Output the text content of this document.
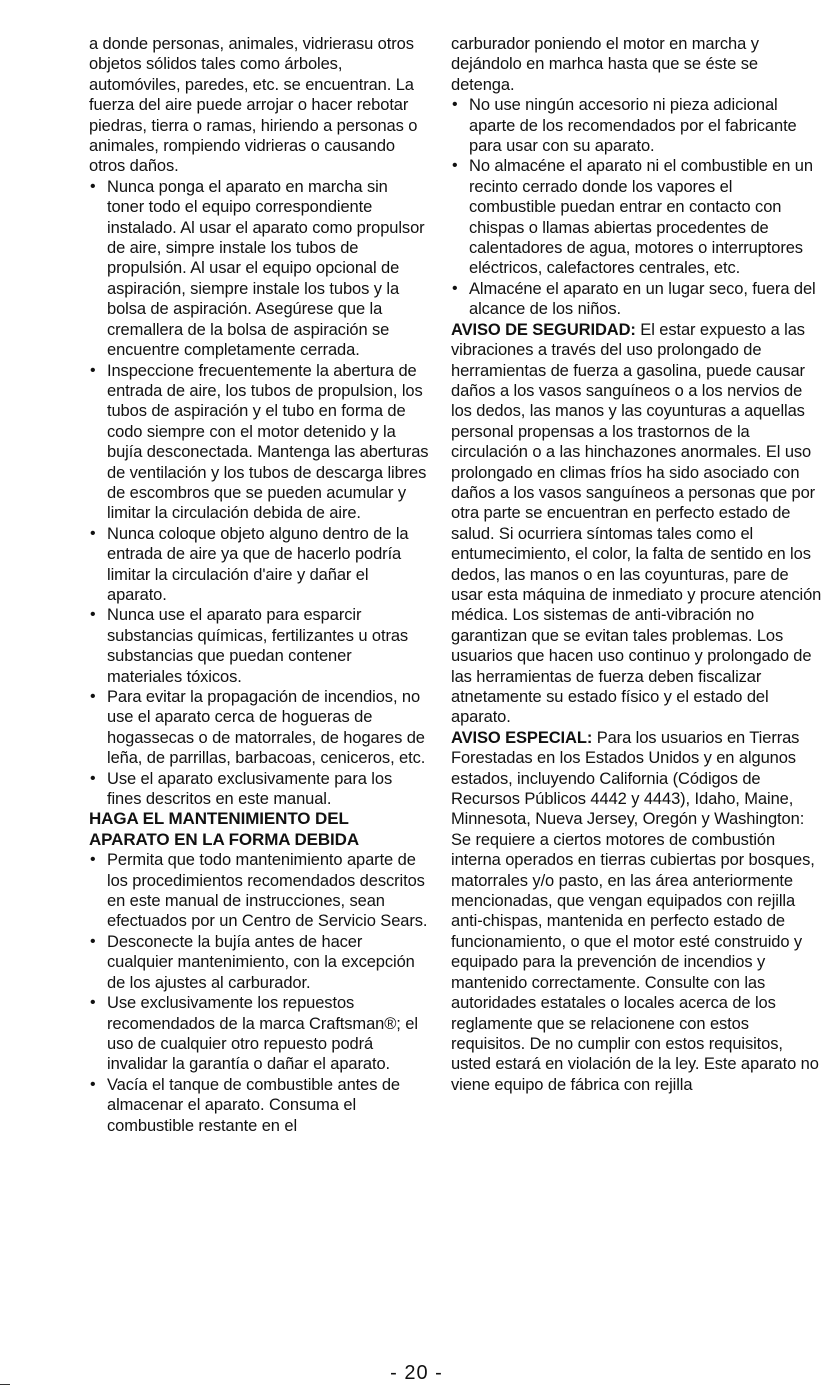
a donde personas, animales, vidrierasu otros objetos sólidos tales como árboles, automóviles, paredes, etc. se encuentran. La fuerza del aire puede arrojar o hacer rebotar piedras, tierra o ramas, hiriendo a personas o animales, rompiendo vidrieras o causando otros daños.

• Nunca ponga el aparato en marcha sin toner todo el equipo correspondiente instalado. Al usar el aparato como propulsor de aire, simpre instale los tubos de propulsión. Al usar el equipo opcional de aspiración, siempre instale los tubos y la bolsa de aspiración. Asegúrese que la cremallera de la bolsa de aspiración se encuentre completamente cerrada.

• Inspeccione frecuentemente la abertura de entrada de aire, los tubos de propulsion, los tubos de aspiración y el tubo en forma de codo siempre con el motor detenido y la bujía desconectada. Mantenga las aberturas de ventilación y los tubos de descarga libres de escombros que se pueden acumular y limitar la circulación debida de aire.

• Nunca coloque objeto alguno dentro de la entrada de aire ya que de hacerlo podría limitar la circulación d'aire y dañar el aparato.

• Nunca use el aparato para esparcir substancias químicas, fertilizantes u otras substancias que puedan contener materiales tóxicos.

• Para evitar la propagación de incendios, no use el aparato cerca de hogueras de hogassecas o de matorrales, de hogares de leña, de parrillas, barbacoas, ceniceros, etc.

• Use el aparato exclusivamente para los fines descritos en este manual.

HAGA EL MANTENIMIENTO DEL APARATO EN LA FORMA DEBIDA

• Permita que todo mantenimiento aparte de los procedimientos recomendados descritos en este manual de instrucciones, sean efectuados por un Centro de Servicio Sears.

• Desconecte la bujía antes de hacer cualquier mantenimiento, con la excepción de los ajustes al carburador.

• Use exclusivamente los repuestos recomendados de la marca Craftsman®; el uso de cualquier otro repuesto podrá invalidar la garantía o dañar el aparato.

• Vacía el tanque de combustible antes de almacenar el aparato. Consuma el combustible restante en el

carburador poniendo el motor en marcha y dejándolo en marhca hasta que se éste se detenga.

• No use ningún accesorio ni pieza adicional aparte de los recomendados por el fabricante para usar con su aparato.

• No almacéne el aparato ni el combustible en un recinto cerrado donde los vapores el combustible puedan entrar en contacto con chispas o llamas abiertas procedentes de calentadores de agua, motores o interruptores eléctricos, calefactores centrales, etc.

• Almacéne el aparato en un lugar seco, fuera del alcance de los niños.

AVISO DE SEGURIDAD: El estar expuesto a las vibraciones a través del uso prolongado de herramientas de fuerza a gasolina, puede causar daños a los vasos sanguíneos o a los nervios de los dedos, las manos y las coyunturas a aquellas personal propensas a los trastornos de la circulación o a las hinchazones anormales. El uso prolongado en climas fríos ha sido asociado con daños a los vasos sanguíneos a personas que por otra parte se encuentran en perfecto estado de salud. Si ocurriera síntomas tales como el entumecimiento, el color, la falta de sentido en los dedos, las manos o en las coyunturas, pare de usar esta máquina de inmediato y procure atención médica. Los sistemas de anti-vibración no garantizan que se evitan tales problemas. Los usuarios que hacen uso continuo y prolongado de las herramientas de fuerza deben fiscalizar atnetamente su estado físico y el estado del aparato.

AVISO ESPECIAL: Para los usuarios en Tierras Forestadas en los Estados Unidos y en algunos estados, incluyendo California (Códigos de Recursos Públicos 4442 y 4443), Idaho, Maine, Minnesota, Nueva Jersey, Oregón y Washington: Se requiere a ciertos motores de combustión interna operados en tierras cubiertas por bosques, matorrales y/o pasto, en las área anteriormente mencionadas, que vengan equipados con rejilla anti-chispas, mantenida en perfecto estado de funcionamiento, o que el motor esté construido y equipado para la prevención de incendios y mantenido correctamente. Consulte con las autoridades estatales o locales acerca de los reglamente que se relacionene con estos requisitos. De no cumplir con estos requisitos, usted estará en violación de la ley. Este aparato no viene equipo de fábrica con rejilla

- 20 -
